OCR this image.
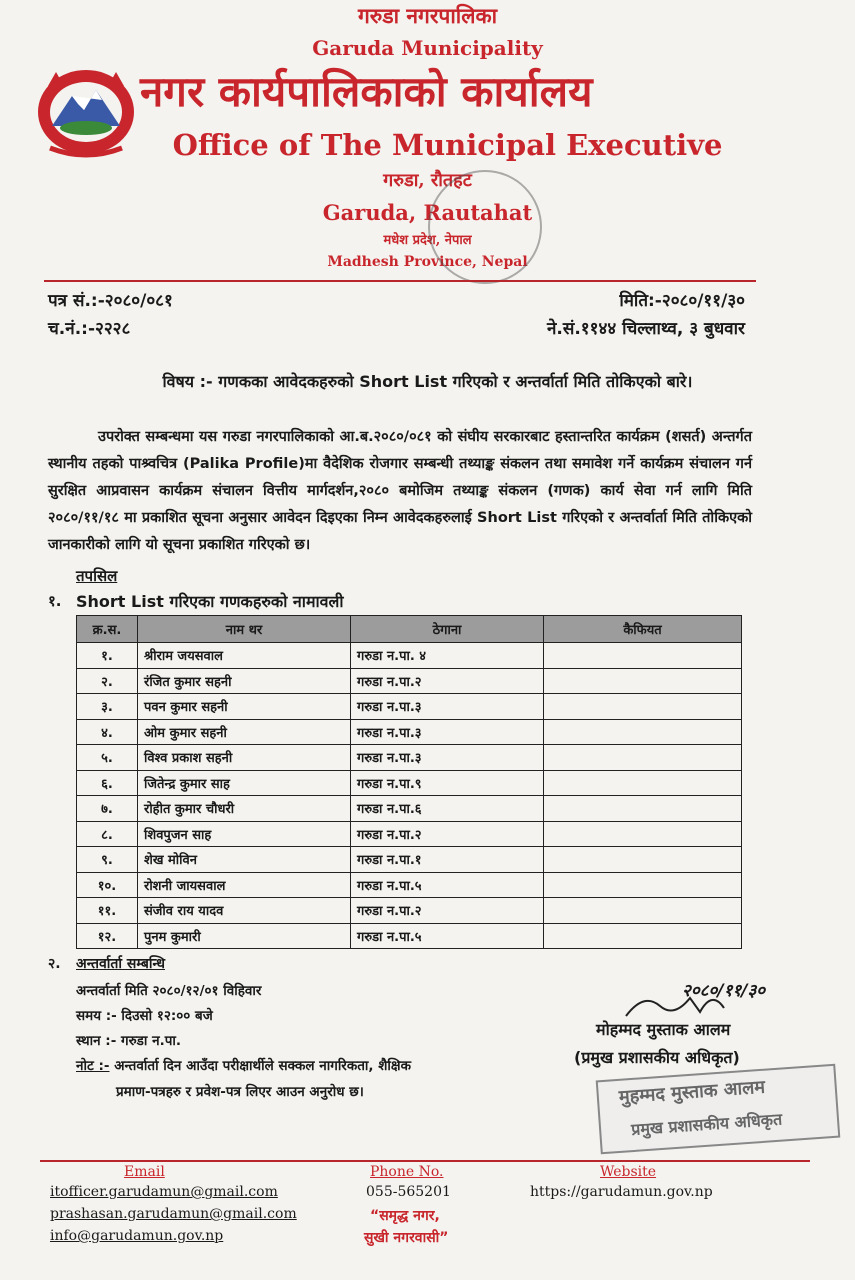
गरुडा नगरपालिका
Garuda Municipality
नगर कार्यपालिकाको कार्यालय
Office of The Municipal Executive
गरुडा, रौतहट
Garuda, Rautahat
मधेश प्रदेश, नेपाल
Madhesh Province, Nepal
पत्र सं.:-२०८०/०८१
च.नं.:-२२२८
मिति:-२०८०/११/३०
ने.सं.११४४ चिल्लाथ्व, ३ बुधवार
विषय :- गणकका आवेदकहरुको Short List गरिएको र अन्तर्वार्ता मिति तोकिएको बारे।

उपरोक्त सम्बन्धमा यस गरुडा नगरपालिकाको आ.ब.२०८०/०८१ को संघीय सरकारबाट हस्तान्तरित कार्यक्रम (शसर्त) अन्तर्गत स्थानीय तहको पाश्र्वचित्र (Palika Profile)मा वैदेशिक रोजगार सम्बन्धी तथ्याङ्क संकलन तथा समावेश गर्ने कार्यक्रम संचालन गर्न सुरक्षित आप्रवासन कार्यक्रम संचालन वित्तीय मार्गदर्शन,२०८० बमोजिम तथ्याङ्क संकलन (गणक) कार्य सेवा गर्न लागि मिति २०८०/११/१८ मा प्रकाशित सूचना अनुसार आवेदन दिइएका निम्न आवेदकहरुलाई Short List गरिएको र अन्तर्वार्ता मिति तोकिएको जानकारीको लागि यो सूचना प्रकाशित गरिएको छ।

तपसिल
१. Short List गरिएका गणकहरुको नामावली
क्र.स.	नाम थर	ठेगाना	कैफियत
१.	श्रीराम जयसवाल	गरुडा न.पा. ४	
२.	रंजित कुमार सहनी	गरुडा न.पा.२	
३.	पवन कुमार सहनी	गरुडा न.पा.३	
४.	ओम कुमार सहनी	गरुडा न.पा.३	
५.	विश्व प्रकाश सहनी	गरुडा न.पा.३	
६.	जितेन्द्र कुमार साह	गरुडा न.पा.९	
७.	रोहीत कुमार चौधरी	गरुडा न.पा.६	
८.	शिवपुजन साह	गरुडा न.पा.२	
९.	शेख मोविन	गरुडा न.पा.१	
१०.	रोशनी जायसवाल	गरुडा न.पा.५	
११.	संजीव राय यादव	गरुडा न.पा.२	
१२.	पुनम कुमारी	गरुडा न.पा.५	
२. अन्तर्वार्ता सम्बन्धि
अन्तर्वार्ता मिति २०८०/१२/०१ विहिवार
समय :- दिउसो १२:०० बजे
स्थान :- गरुडा न.पा.
नोट :- अन्तर्वार्ता दिन आउँदा परीक्षार्थीले सक्कल नागरिकता, शैक्षिक
प्रमाण-पत्रहरु र प्रवेश-पत्र लिएर आउन अनुरोध छ।
२०८०/११/३०
मोहम्मद मुस्ताक आलम
(प्रमुख प्रशासकीय अधिकृत)
मुहम्मद मुस्ताक आलम
प्रमुख प्रशासकीय अधिकृत
Email
itofficer.garudamun@gmail.com
prashasan.garudamun@gmail.com
info@garudamun.gov.np
Phone No.
055-565201
“समृद्ध नगर,
सुखी नगरवासी”
Website
https://garudamun.gov.np
